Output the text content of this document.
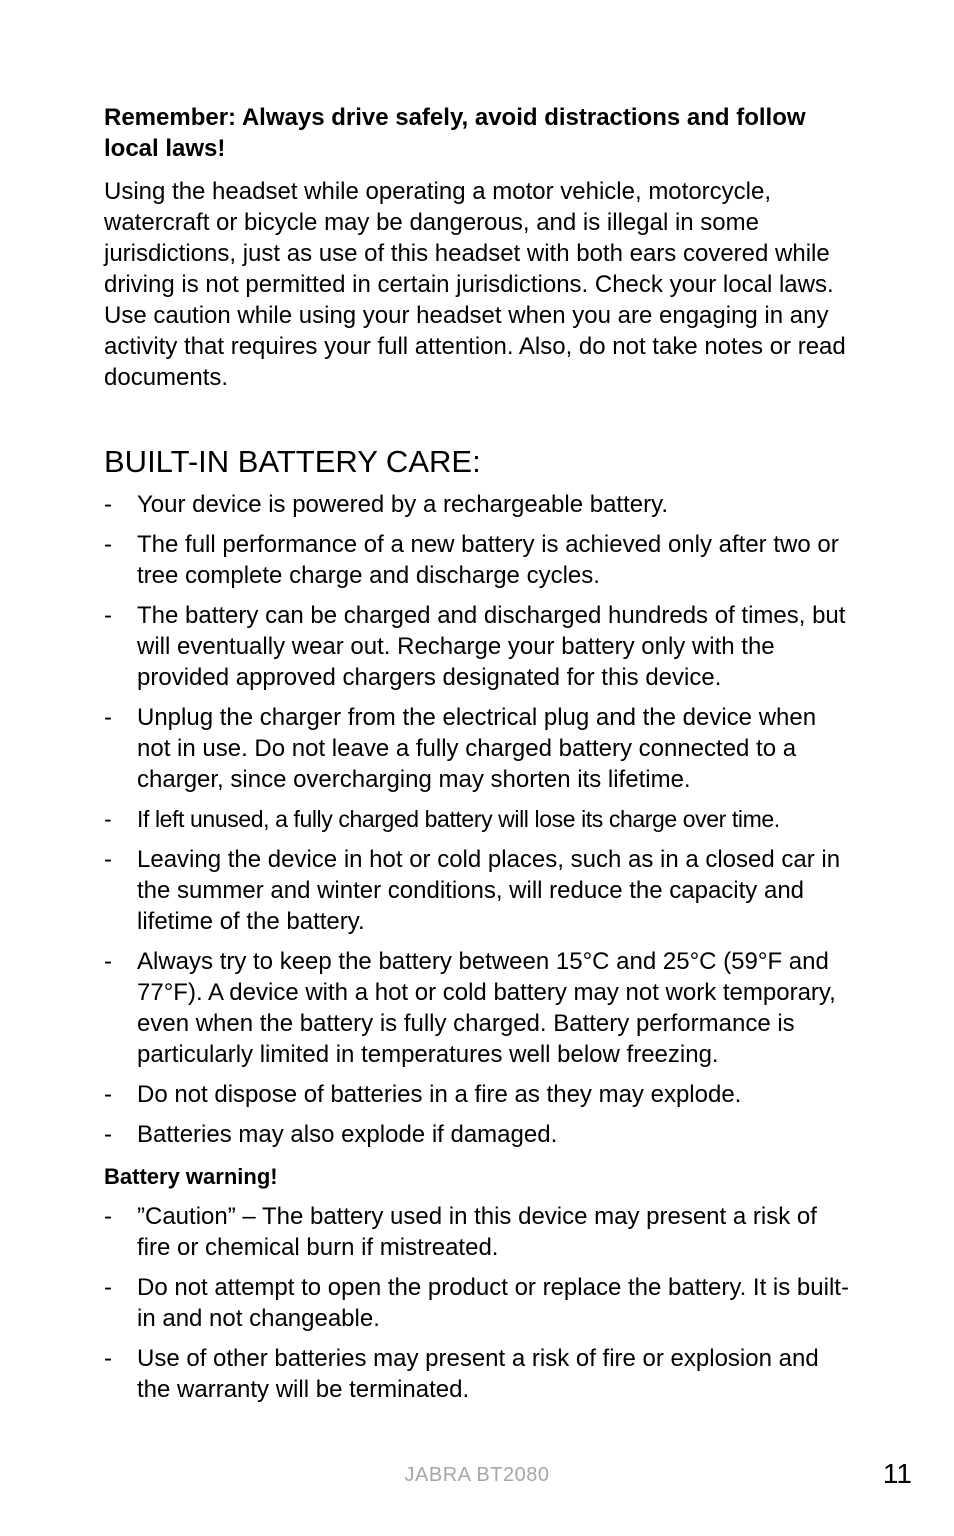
Remember: Always drive safely, avoid distractions and follow local laws!

Using the headset while operating a motor vehicle, motorcycle, watercraft or bicycle may be dangerous, and is illegal in some jurisdictions, just as use of this headset with both ears covered while driving is not permitted in certain jurisdictions. Check your local laws. Use caution while using your headset when you are engaging in any activity that requires your full attention. Also, do not take notes or read documents.

BUILT-IN BATTERY CARE:
- Your device is powered by a rechargeable battery.
- The full performance of a new battery is achieved only after two or tree complete charge and discharge cycles.
- The battery can be charged and discharged hundreds of times, but will eventually wear out. Recharge your battery only with the provided approved chargers designated for this device.
- Unplug the charger from the electrical plug and the device when not in use. Do not leave a fully charged battery connected to a charger, since overcharging may shorten its lifetime.
- If left unused, a fully charged battery will lose its charge over time.
- Leaving the device in hot or cold places, such as in a closed car in the summer and winter conditions, will reduce the capacity and lifetime of the battery.
- Always try to keep the battery between 15°C and 25°C (59°F and 77°F). A device with a hot or cold battery may not work temporary, even when the battery is fully charged. Battery performance is particularly limited in temperatures well below freezing.
- Do not dispose of batteries in a fire as they may explode.
- Batteries may also explode if damaged.

Battery warning!

- ”Caution” – The battery used in this device may present a risk of fire or chemical burn if mistreated.
- Do not attempt to open the product or replace the battery. It is built-in and not changeable.
- Use of other batteries may present a risk of fire or explosion and the warranty will be terminated.
JABRA BT2080	11
